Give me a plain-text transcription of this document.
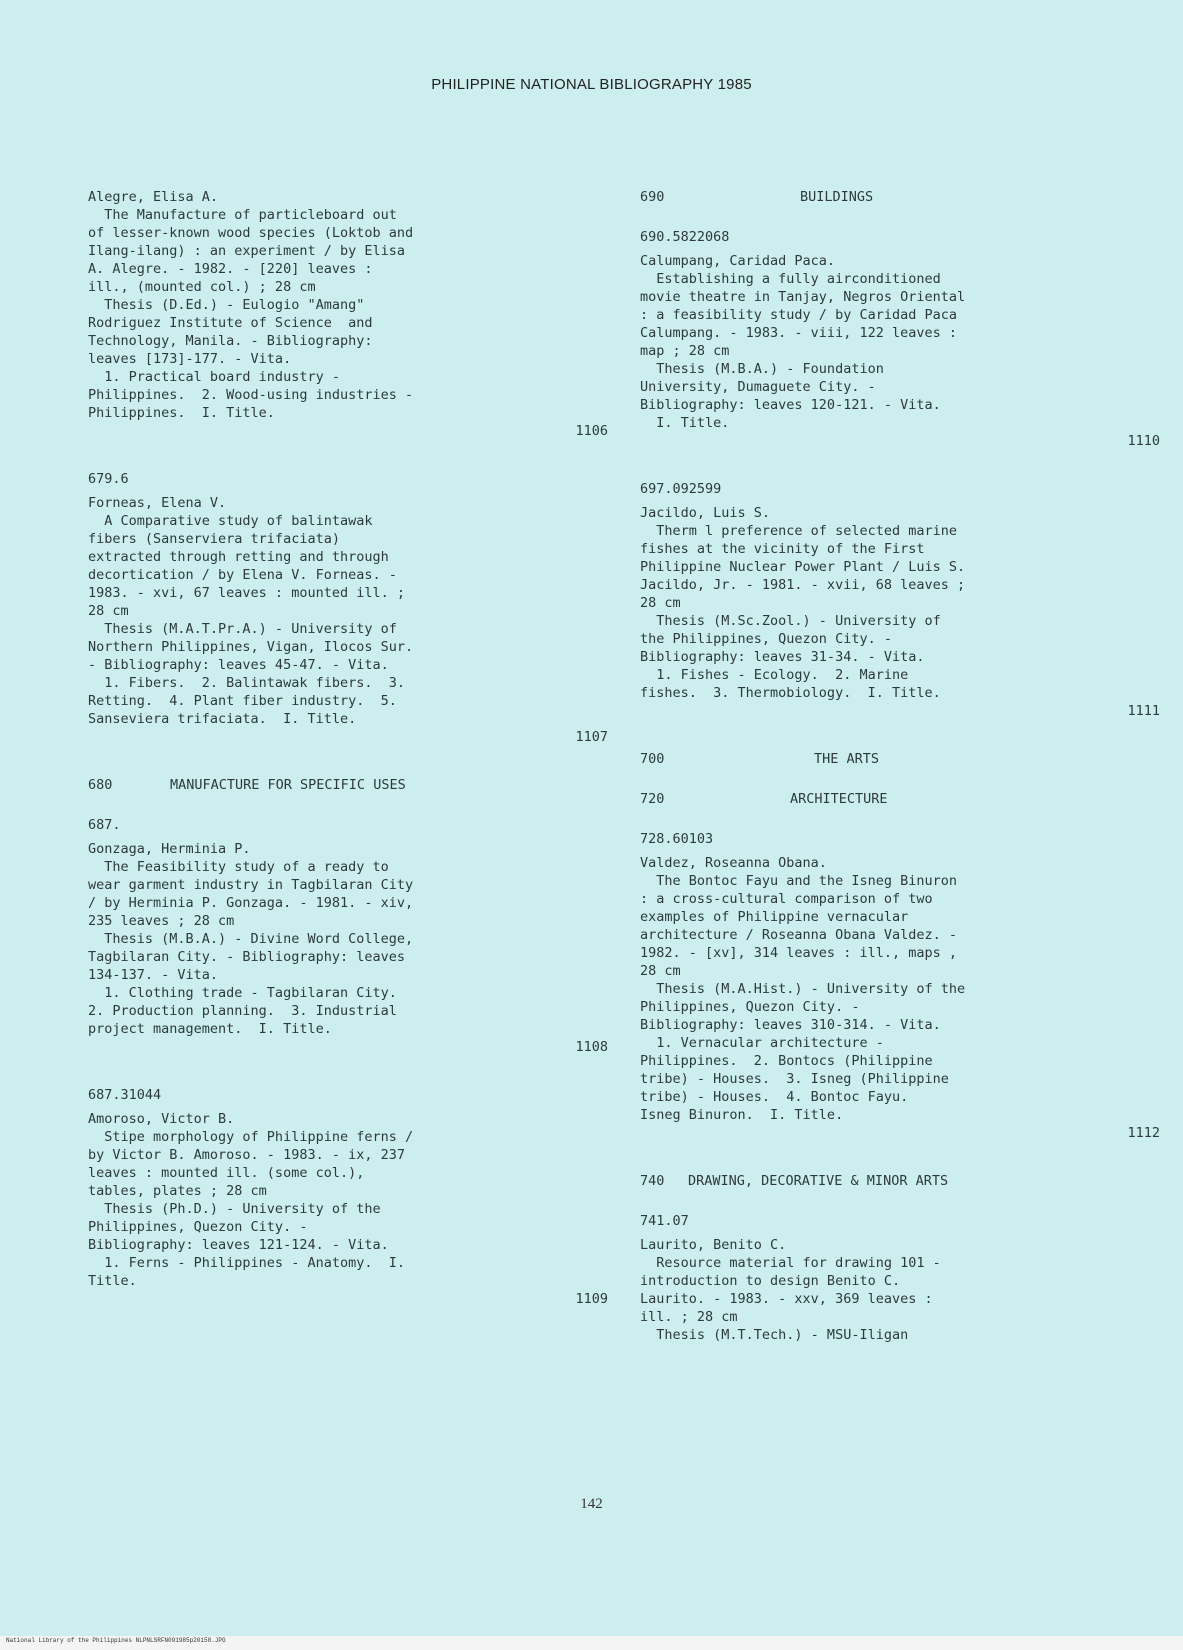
PHILIPPINE NATIONAL BIBLIOGRAPHY 1985
Alegre, Elisa A.
The Manufacture of particleboard out
of lesser-known wood species (Loktob and
Ilang-ilang) : an experiment / by Elisa
A. Alegre. - 1982. - [220] leaves :
ill., (mounted col.) ; 28 cm
Thesis (D.Ed.) - Eulogio "Amang"
Rodriguez Institute of Science  and
Technology, Manila. - Bibliography:
leaves [173]-177. - Vita.
1. Practical board industry -
Philippines.  2. Wood-using industries -
Philippines.  I. Title.
1106
679.6
Forneas, Elena V.
A Comparative study of balintawak
fibers (Sanserviera trifaciata)
extracted through retting and through
decortication / by Elena V. Forneas. -
1983. - xvi, 67 leaves : mounted ill. ;
28 cm
Thesis (M.A.T.Pr.A.) - University of
Northern Philippines, Vigan, Ilocos Sur.
- Bibliography: leaves 45-47. - Vita.
1. Fibers.  2. Balintawak fibers.  3.
Retting.  4. Plant fiber industry.  5.
Sanseviera trifaciata.  I. Title.
1107
680	MANUFACTURE FOR SPECIFIC USES
687.
Gonzaga, Herminia P.
The Feasibility study of a ready to
wear garment industry in Tagbilaran City
/ by Herminia P. Gonzaga. - 1981. - xiv,
235 leaves ; 28 cm
Thesis (M.B.A.) - Divine Word College,
Tagbilaran City. - Bibliography: leaves
134-137. - Vita.
1. Clothing trade - Tagbilaran City.
2. Production planning.  3. Industrial
project management.  I. Title.
1108
687.31044
Amoroso, Victor B.
Stipe morphology of Philippine ferns /
by Victor B. Amoroso. - 1983. - ix, 237
leaves : mounted ill. (some col.),
tables, plates ; 28 cm
Thesis (Ph.D.) - University of the
Philippines, Quezon City. -
Bibliography: leaves 121-124. - Vita.
1. Ferns - Philippines - Anatomy.  I.
Title.
1109
690	BUILDINGS
690.5822068
Calumpang, Caridad Paca.
Establishing a fully airconditioned
movie theatre in Tanjay, Negros Oriental
: a feasibility study / by Caridad Paca
Calumpang. - 1983. - viii, 122 leaves :
map ; 28 cm
Thesis (M.B.A.) - Foundation
University, Dumaguete City. -
Bibliography: leaves 120-121. - Vita.
I. Title.
1110
697.092599
Jacildo, Luis S.
Therm l preference of selected marine
fishes at the vicinity of the First
Philippine Nuclear Power Plant / Luis S.
Jacildo, Jr. - 1981. - xvii, 68 leaves ;
28 cm
Thesis (M.Sc.Zool.) - University of
the Philippines, Quezon City. -
Bibliography: leaves 31-34. - Vita.
1. Fishes - Ecology.  2. Marine
fishes.  3. Thermobiology.  I. Title.
1111
700	THE ARTS
720	ARCHITECTURE
728.60103
Valdez, Roseanna Obana.
The Bontoc Fayu and the Isneg Binuron
: a cross-cultural comparison of two
examples of Philippine vernacular
architecture / Roseanna Obana Valdez. -
1982. - [xv], 314 leaves : ill., maps ,
28 cm
Thesis (M.A.Hist.) - University of the
Philippines, Quezon City. -
Bibliography: leaves 310-314. - Vita.
1. Vernacular architecture -
Philippines.  2. Bontocs (Philippine
tribe) - Houses.  3. Isneg (Philippine
tribe) - Houses.  4. Bontoc Fayu.
Isneg Binuron.  I. Title.
1112
740 DRAWING, DECORATIVE & MINOR ARTS
741.07
Laurito, Benito C.
Resource material for drawing 101 -
introduction to design Benito C.
Laurito. - 1983. - xxv, 369 leaves :
ill. ; 28 cm
Thesis (M.T.Tech.) - MSU-Iligan
142
National Library of the Philippines NLPNLSRFN091985p20158.JPG
